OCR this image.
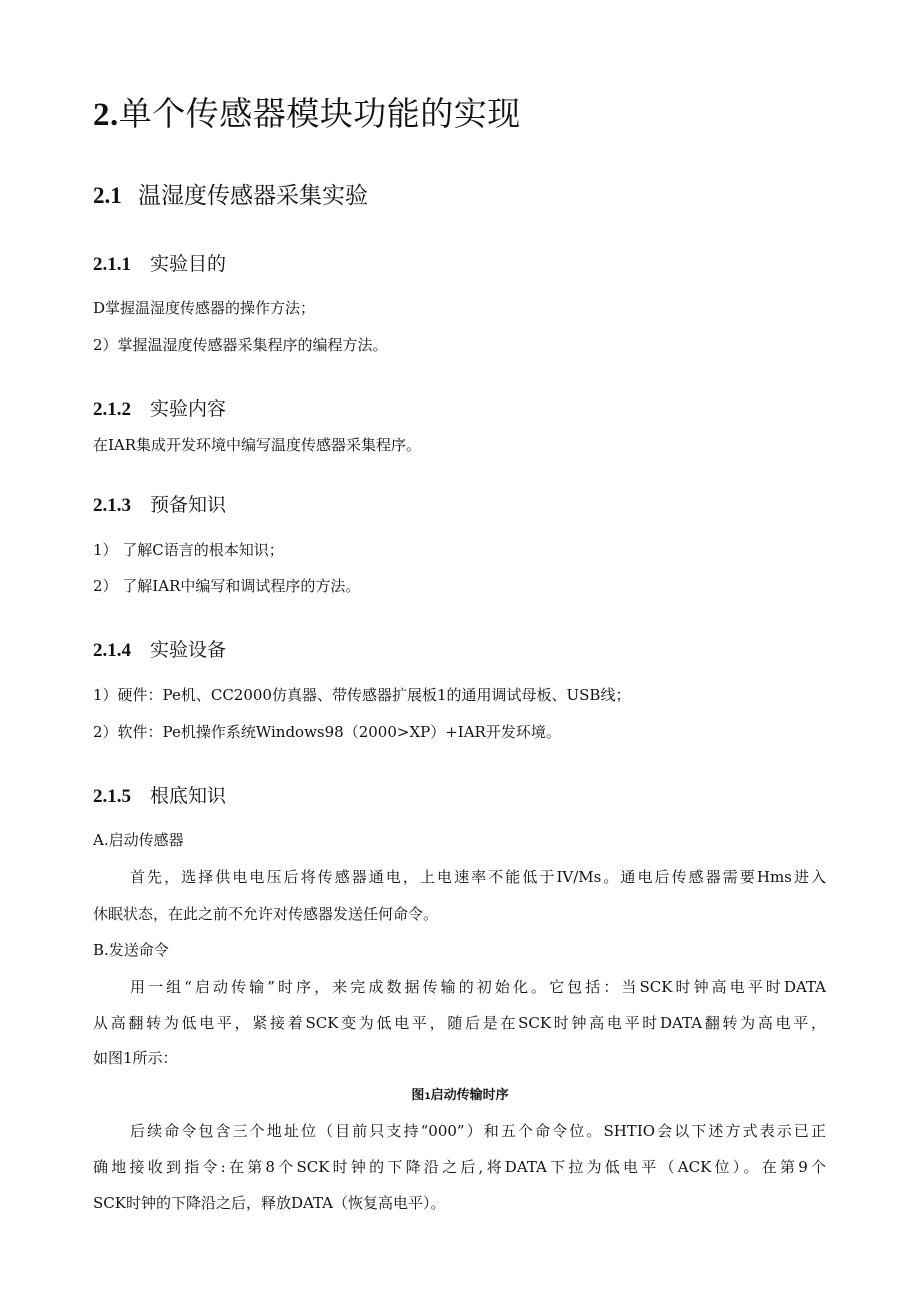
2.单个传感器模块功能的实现
2.1 温湿度传感器采集实验
2.1.1 实验目的
D掌握温湿度传感器的操作方法；
2）掌握温湿度传感器采集程序的编程方法。
2.1.2 实验内容
在IAR集成开发环境中编写温度传感器采集程序。
2.1.3 预备知识
1） 了解C语言的根本知识；
2） 了解IAR中编写和调试程序的方法。
2.1.4 实验设备
1）硬件：Pe机、CC2000仿真器、带传感器扩展板1的通用调试母板、USB线；
2）软件：Pe机操作系统Windows98（2000>XP）+IAR开发环境。
2.1.5 根底知识
A.启动传感器
首先，选择供电电压后将传感器通电，上电速率不能低于IV/Ms。通电后传感器需要Hms进入
休眠状态，在此之前不允许对传感器发送任何命令。
B.发送命令
用一组“启动传输”时序，来完成数据传输的初始化。它包括：当SCK时钟高电平时DATA
从高翻转为低电平，紧接着SCK变为低电平，随后是在SCK时钟高电平时DATA翻转为高电平，
如图1所示：
图1启动传输时序
后续命令包含三个地址位（目前只支持“000”）和五个命令位。SHTIO会以下述方式表示已正
确地接收到指令:在第8个SCK时钟的下降沿之后,将DATA下拉为低电平（ACK位）。在第9个
SCK时钟的下降沿之后，释放DATA（恢复高电平）。
